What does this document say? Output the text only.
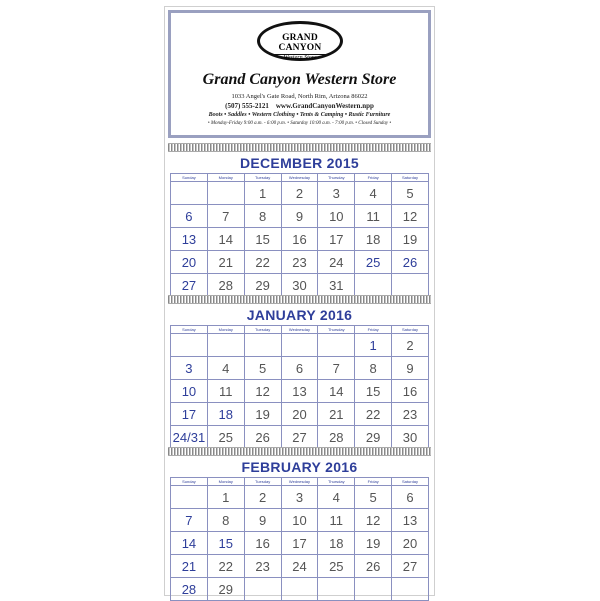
GRAND CANYON
Western Store
Grand Canyon Western Store
1033 Angel's Gate Road, North Rim, Arizona 86022
(507) 555-2121 www.GrandCanyonWestern.npp
Boots • Saddles • Western Clothing • Tents & Camping • Rustic Furniture
• Monday-Friday 9:00 a.m. - 6:00 p.m. • Saturday 10:00 a.m. - 7:00 p.m. • Closed Sunday •
DECEMBER 2015
Sunday	Monday	Tuesday	Wednesday	Thursday	Friday	Saturday
		1	2	3	4	5
6	7	8	9	10	11	12
13	14	15	16	17	18	19
20	21	22	23	24	25	26
27	28	29	30	31		
JANUARY 2016
Sunday	Monday	Tuesday	Wednesday	Thursday	Friday	Saturday
					1	2
3	4	5	6	7	8	9
10	11	12	13	14	15	16
17	18	19	20	21	22	23
24/31	25	26	27	28	29	30
FEBRUARY 2016
Sunday	Monday	Tuesday	Wednesday	Thursday	Friday	Saturday
	1	2	3	4	5	6
7	8	9	10	11	12	13
14	15	16	17	18	19	20
21	22	23	24	25	26	27
28	29					
